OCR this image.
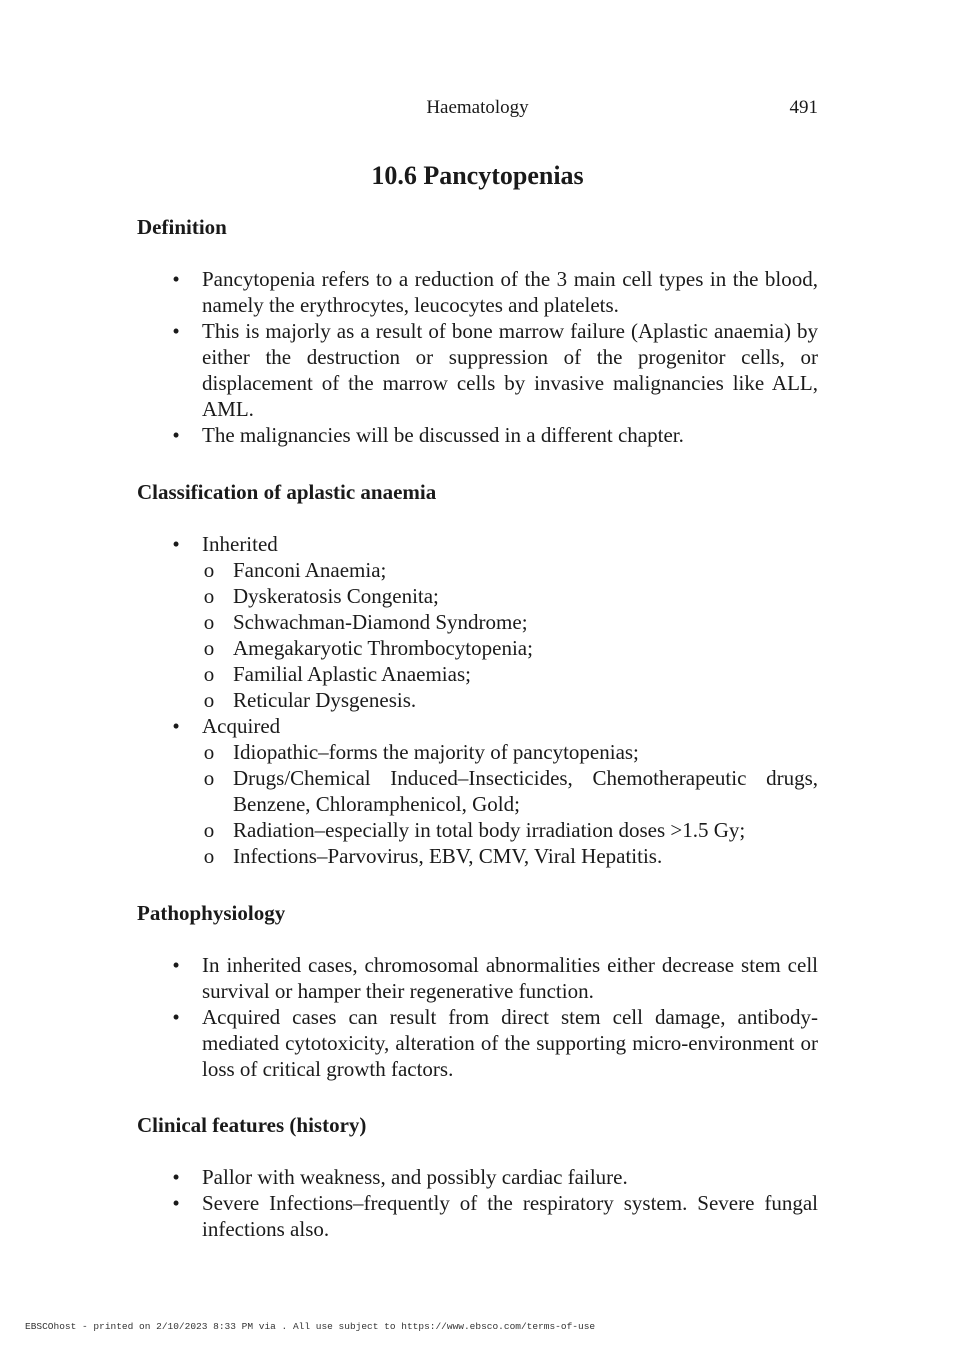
Haematology	491
10.6 Pancytopenias
Definition
• Pancytopenia refers to a reduction of the 3 main cell types in the blood, namely the erythrocytes, leucocytes and platelets.
• This is majorly as a result of bone marrow failure (Aplastic anaemia) by either the destruction or suppression of the progenitor cells, or displacement of the marrow cells by invasive malignancies like ALL, AML.
• The malignancies will be discussed in a different chapter.
Classification of aplastic anaemia
• Inherited
o Fanconi Anaemia;
o Dyskeratosis Congenita;
o Schwachman-Diamond Syndrome;
o Amegakaryotic Thrombocytopenia;
o Familial Aplastic Anaemias;
o Reticular Dysgenesis.
• Acquired
o Idiopathic–forms the majority of pancytopenias;
o Drugs/Chemical Induced–Insecticides, Chemotherapeutic drugs, Benzene, Chloramphenicol, Gold;
o Radiation–especially in total body irradiation doses >1.5 Gy;
o Infections–Parvovirus, EBV, CMV, Viral Hepatitis.
Pathophysiology
• In inherited cases, chromosomal abnormalities either decrease stem cell survival or hamper their regenerative function.
• Acquired cases can result from direct stem cell damage, antibody-mediated cytotoxicity, alteration of the supporting micro-environment or loss of critical growth factors.
Clinical features (history)
• Pallor with weakness, and possibly cardiac failure.
• Severe Infections–frequently of the respiratory system. Severe fungal infections also.
EBSCOhost - printed on 2/10/2023 8:33 PM via . All use subject to https://www.ebsco.com/terms-of-use
